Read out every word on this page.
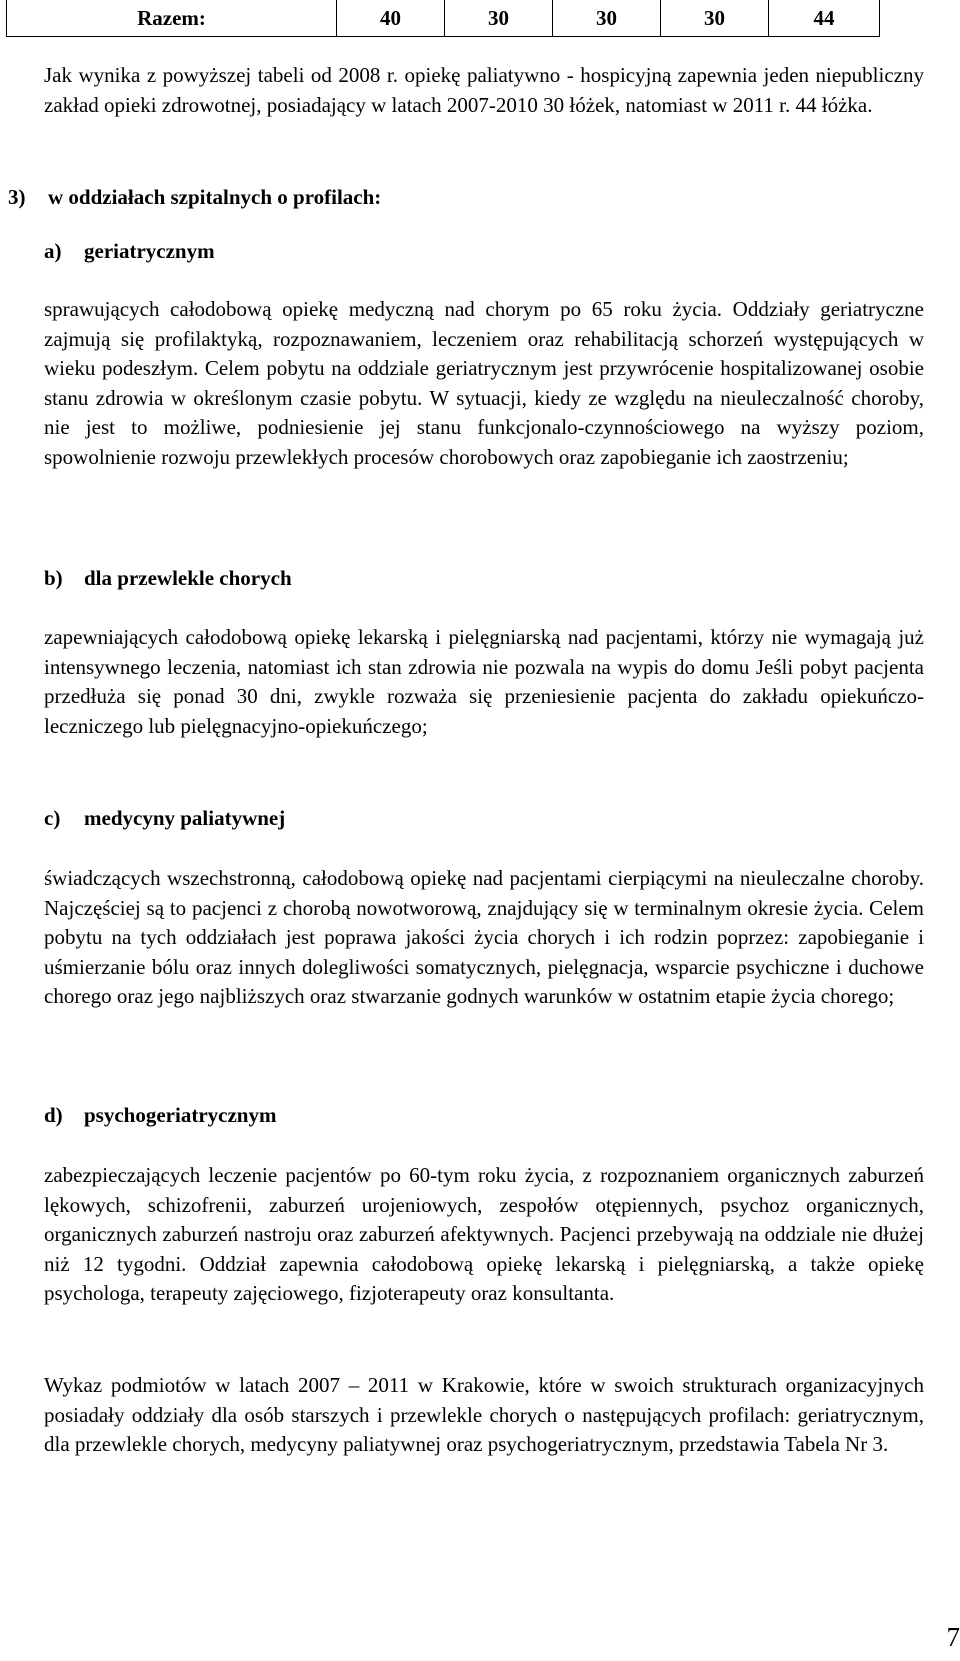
Razem:	40	30	30	30	44

Jak wynika z powyższej tabeli od 2008 r. opiekę paliatywno - hospicyjną zapewnia jeden niepubliczny zakład opieki zdrowotnej, posiadający w latach 2007-2010 30 łóżek, natomiast w 2011 r. 44 łóżka.

3) w oddziałach szpitalnych o profilach:

a) geriatrycznym

sprawujących całodobową opiekę medyczną nad chorym po 65 roku życia. Oddziały geriatryczne zajmują się profilaktyką, rozpoznawaniem, leczeniem oraz rehabilitacją schorzeń występujących w wieku podeszłym. Celem pobytu na oddziale geriatrycznym jest przywrócenie hospitalizowanej osobie stanu zdrowia w określonym czasie pobytu. W sytuacji, kiedy ze względu na nieuleczalność choroby, nie jest to możliwe, podniesienie jej stanu funkcjonalo-czynnościowego na wyższy poziom, spowolnienie rozwoju przewlekłych procesów chorobowych oraz zapobieganie ich zaostrzeniu;

b) dla przewlekle chorych

zapewniających całodobową opiekę lekarską i pielęgniarską nad pacjentami, którzy nie wymagają już intensywnego leczenia, natomiast ich stan zdrowia nie pozwala na wypis do domu Jeśli pobyt pacjenta przedłuża się ponad 30 dni, zwykle rozważa się przeniesienie pacjenta do zakładu opiekuńczo-leczniczego lub pielęgnacyjno-opiekuńczego;

c) medycyny paliatywnej

świadczących wszechstronną, całodobową opiekę nad pacjentami cierpiącymi na nieuleczalne choroby. Najczęściej są to pacjenci z chorobą nowotworową, znajdujący się w terminalnym okresie życia. Celem pobytu na tych oddziałach jest poprawa jakości życia chorych i ich rodzin poprzez: zapobieganie i uśmierzanie bólu oraz innych dolegliwości somatycznych, pielęgnacja, wsparcie psychiczne i duchowe chorego oraz jego najbliższych oraz stwarzanie godnych warunków w ostatnim etapie życia chorego;

d) psychogeriatrycznym

zabezpieczających leczenie pacjentów po 60-tym roku życia, z rozpoznaniem organicznych zaburzeń lękowych, schizofrenii, zaburzeń urojeniowych, zespołów otępiennych, psychoz organicznych, organicznych zaburzeń nastroju oraz zaburzeń afektywnych. Pacjenci przebywają na oddziale nie dłużej niż 12 tygodni. Oddział zapewnia całodobową opiekę lekarską i pielęgniarską, a także opiekę psychologa, terapeuty zajęciowego, fizjoterapeuty oraz konsultanta.

Wykaz podmiotów w latach 2007 – 2011 w Krakowie, które w swoich strukturach organizacyjnych posiadały oddziały dla osób starszych i przewlekle chorych o następujących profilach: geriatrycznym, dla przewlekle chorych, medycyny paliatywnej oraz psychogeriatrycznym, przedstawia Tabela Nr 3.

7
